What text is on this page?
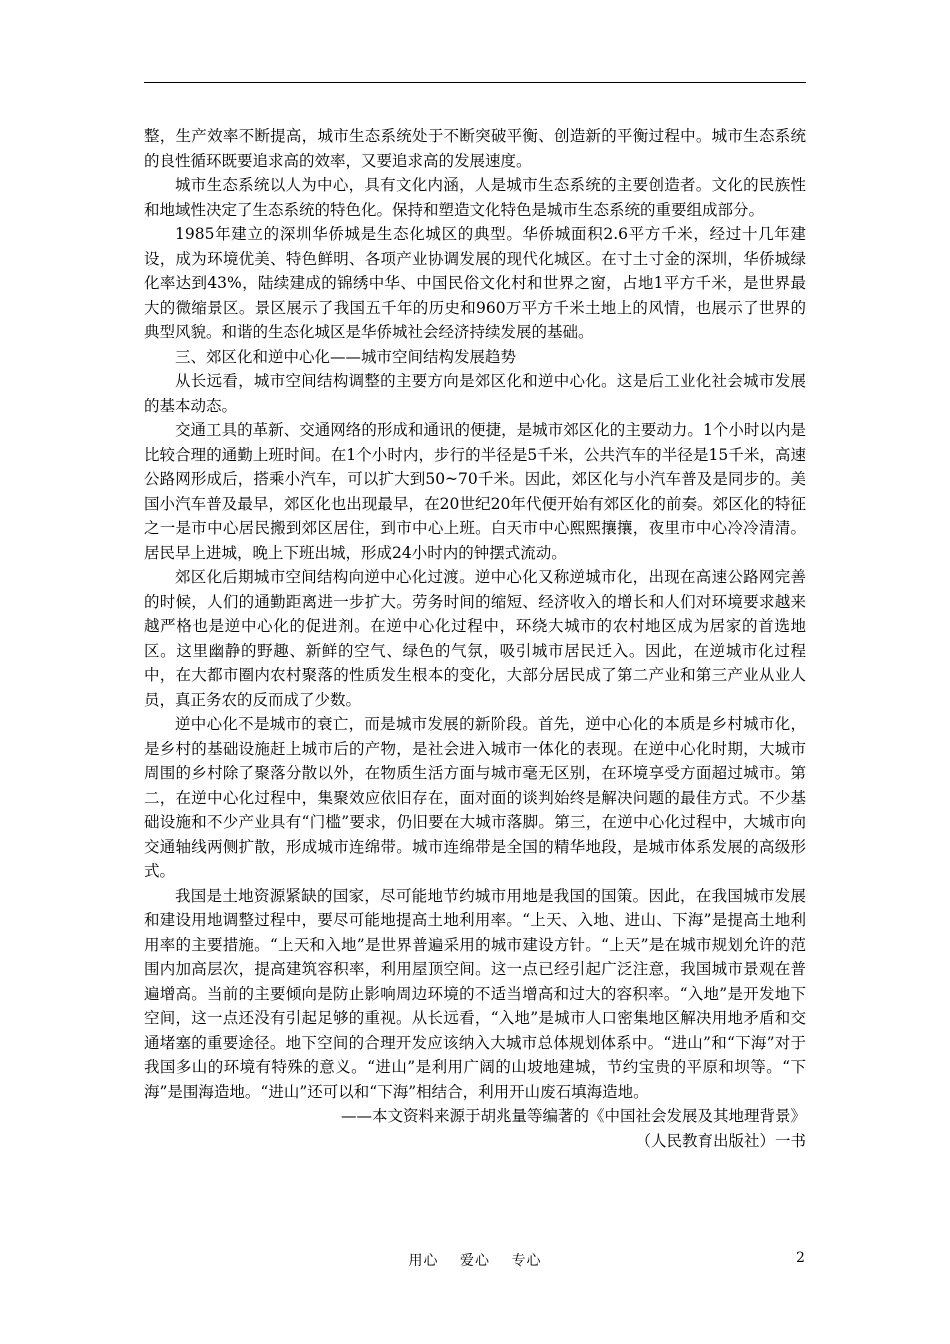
整，生产效率不断提高，城市生态系统处于不断突破平衡、创造新的平衡过程中。城市生态系统的良性循环既要追求高的效率，又要追求高的发展速度。

城市生态系统以人为中心，具有文化内涵，人是城市生态系统的主要创造者。文化的民族性和地域性决定了生态系统的特色化。保持和塑造文化特色是城市生态系统的重要组成部分。

1985年建立的深圳华侨城是生态化城区的典型。华侨城面积2.6平方千米，经过十几年建设，成为环境优美、特色鲜明、各项产业协调发展的现代化城区。在寸土寸金的深圳，华侨城绿化率达到43%，陆续建成的锦绣中华、中国民俗文化村和世界之窗，占地1平方千米，是世界最大的微缩景区。景区展示了我国五千年的历史和960万平方千米土地上的风情，也展示了世界的典型风貌。和谐的生态化城区是华侨城社会经济持续发展的基础。

三、郊区化和逆中心化——城市空间结构发展趋势

从长远看，城市空间结构调整的主要方向是郊区化和逆中心化。这是后工业化社会城市发展的基本动态。

交通工具的革新、交通网络的形成和通讯的便捷，是城市郊区化的主要动力。1个小时以内是比较合理的通勤上班时间。在1个小时内，步行的半径是5千米，公共汽车的半径是15千米，高速公路网形成后，搭乘小汽车，可以扩大到50~70千米。因此，郊区化与小汽车普及是同步的。美国小汽车普及最早，郊区化也出现最早，在20世纪20年代便开始有郊区化的前奏。郊区化的特征之一是市中心居民搬到郊区居住，到市中心上班。白天市中心熙熙攘攘，夜里市中心冷冷清清。居民早上进城，晚上下班出城，形成24小时内的钟摆式流动。

郊区化后期城市空间结构向逆中心化过渡。逆中心化又称逆城市化，出现在高速公路网完善的时候，人们的通勤距离进一步扩大。劳务时间的缩短、经济收入的增长和人们对环境要求越来越严格也是逆中心化的促进剂。在逆中心化过程中，环绕大城市的农村地区成为居家的首选地区。这里幽静的野趣、新鲜的空气、绿色的气氛，吸引城市居民迁入。因此，在逆城市化过程中，在大都市圈内农村聚落的性质发生根本的变化，大部分居民成了第二产业和第三产业从业人员，真正务农的反而成了少数。

逆中心化不是城市的衰亡，而是城市发展的新阶段。首先，逆中心化的本质是乡村城市化，是乡村的基础设施赶上城市后的产物，是社会进入城市一体化的表现。在逆中心化时期，大城市周围的乡村除了聚落分散以外，在物质生活方面与城市毫无区别，在环境享受方面超过城市。第二，在逆中心化过程中，集聚效应依旧存在，面对面的谈判始终是解决问题的最佳方式。不少基础设施和不少产业具有“门槛”要求，仍旧要在大城市落脚。第三，在逆中心化过程中，大城市向交通轴线两侧扩散，形成城市连绵带。城市连绵带是全国的精华地段，是城市体系发展的高级形式。

我国是土地资源紧缺的国家，尽可能地节约城市用地是我国的国策。因此，在我国城市发展和建设用地调整过程中，要尽可能地提高土地利用率。“上天、入地、进山、下海”是提高土地利用率的主要措施。“上天和入地”是世界普遍采用的城市建设方针。“上天”是在城市规划允许的范围内加高层次，提高建筑容积率，利用屋顶空间。这一点已经引起广泛注意，我国城市景观在普遍增高。当前的主要倾向是防止影响周边环境的不适当增高和过大的容积率。“入地”是开发地下空间，这一点还没有引起足够的重视。从长远看，“入地”是城市人口密集地区解决用地矛盾和交通堵塞的重要途径。地下空间的合理开发应该纳入大城市总体规划体系中。“进山”和“下海”对于我国多山的环境有特殊的意义。“进山”是利用广阔的山坡地建城，节约宝贵的平原和坝等。“下海”是围海造地。“进山”还可以和“下海”相结合，利用开山废石填海造地。

——本文资料来源于胡兆量等编著的《中国社会发展及其地理背景》

（人民教育出版社）一书

用心 爱心 专心	2
